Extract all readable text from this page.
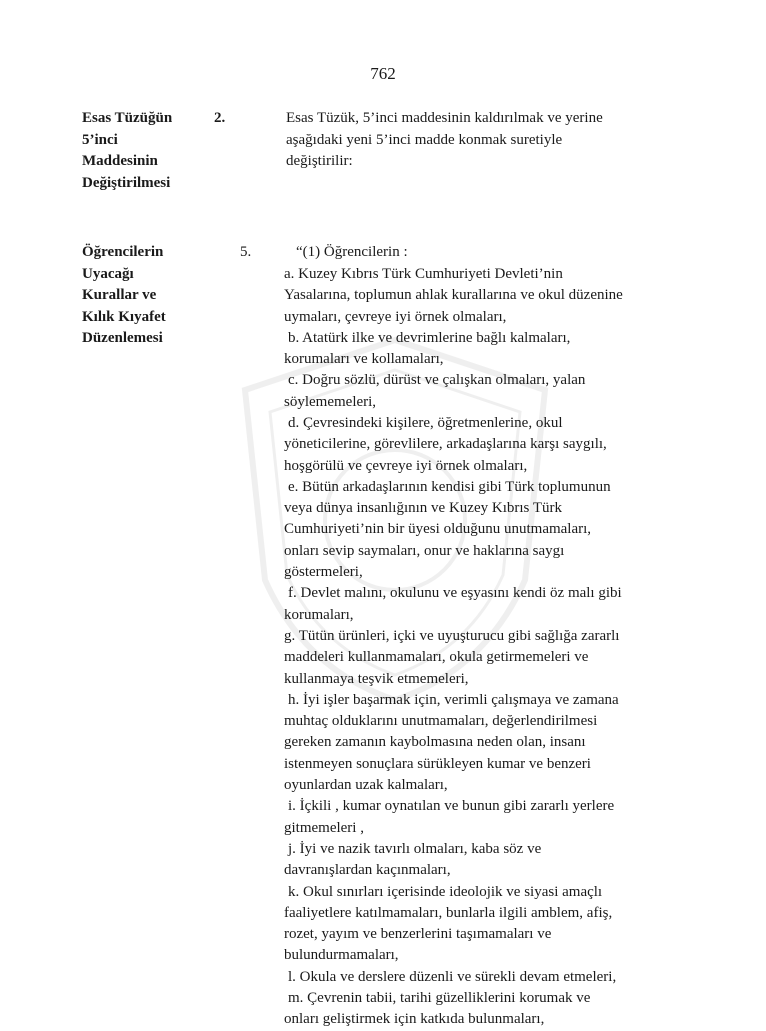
762
Esas Tüzüğün
5’inci
Maddesinin
Değiştirilmesi
2.	Esas Tüzük, 5’inci maddesinin kaldırılmak ve yerine
aşağıdaki yeni 5’inci madde konmak suretiyle
değiştirilir:
Öğrencilerin
Uyacağı
Kurallar ve
Kılık Kıyafet
Düzenlemesi
5.	“(1) Öğrencilerin :
a. Kuzey Kıbrıs Türk Cumhuriyeti Devleti’nin
Yasalarına, toplumun ahlak kurallarına ve okul düzenine
uymaları, çevreye iyi örnek olmaları,
b. Atatürk ilke ve devrimlerine bağlı kalmaları,
korumaları ve kollamaları,
c. Doğru sözlü, dürüst ve çalışkan olmaları, yalan
söylememeleri,
d. Çevresindeki kişilere, öğretmenlerine, okul
yöneticilerine, görevlilere, arkadaşlarına karşı saygılı,
hoşgörülü ve çevreye iyi örnek olmaları,
e. Bütün arkadaşlarının kendisi gibi Türk toplumunun
veya dünya insanlığının ve Kuzey Kıbrıs Türk
Cumhuriyeti’nin bir üyesi olduğunu unutmamaları,
onları sevip saymaları, onur ve haklarına saygı
göstermeleri,
f. Devlet malını, okulunu ve eşyasını kendi öz malı gibi
korumaları,
g. Tütün ürünleri, içki ve uyuşturucu gibi sağlığa zararlı
maddeleri kullanmamaları, okula getirmemeleri ve
kullanmaya teşvik etmemeleri,
h. İyi işler başarmak için, verimli çalışmaya ve zamana
muhtaç olduklarını unutmamaları, değerlendirilmesi
gereken zamanın kaybolmasına neden olan, insanı
istenmeyen sonuçlara sürükleyen kumar ve benzeri
oyunlardan uzak kalmaları,
i. İçkili , kumar oynatılan ve bunun gibi zararlı yerlere
gitmemeleri ,
j. İyi ve nazik tavırlı olmaları, kaba söz ve
davranışlardan kaçınmaları,
k. Okul sınırları içerisinde ideolojik ve siyasi amaçlı
faaliyetlere katılmamaları, bunlarla ilgili amblem, afiş,
rozet, yayım ve benzerlerini taşımamaları ve
bulundurmamaları,
l. Okula ve derslere düzenli ve sürekli devam etmeleri,
m. Çevrenin tabii, tarihi güzelliklerini korumak ve
onları geliştirmek için katkıda bulunmaları,
